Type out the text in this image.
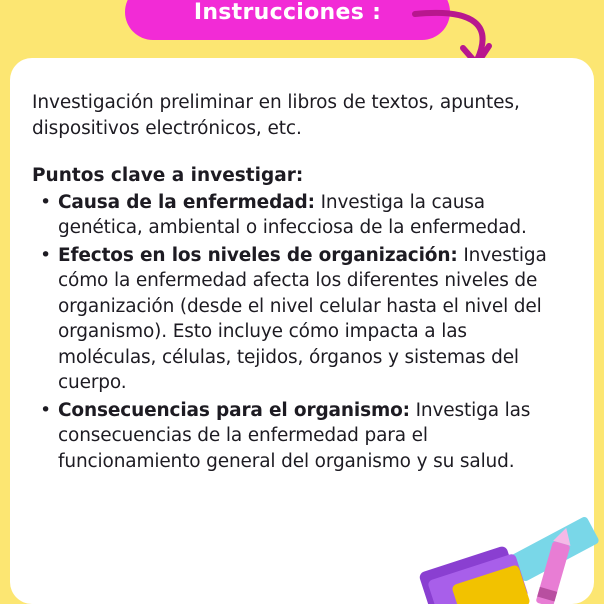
Instrucciones :

Investigación preliminar en libros de textos, apuntes, dispositivos electrónicos, etc.

Puntos clave a investigar:

• Causa de la enfermedad: Investiga la causa genética, ambiental o infecciosa de la enfermedad.
• Efectos en los niveles de organización: Investiga cómo la enfermedad afecta los diferentes niveles de organización (desde el nivel celular hasta el nivel del organismo). Esto incluye cómo impacta a las moléculas, células, tejidos, órganos y sistemas del cuerpo.
• Consecuencias para el organismo: Investiga las consecuencias de la enfermedad para el funcionamiento general del organismo y su salud.
